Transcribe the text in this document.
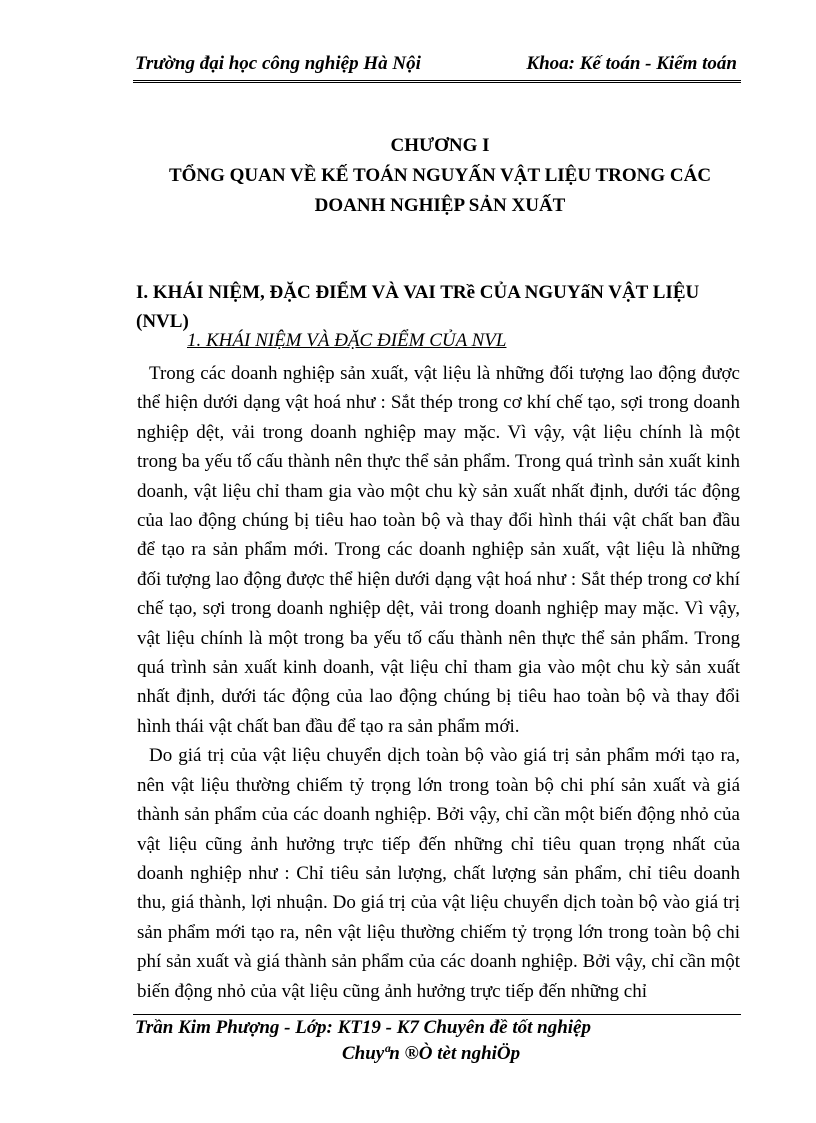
Trường đại học công nghiệp Hà Nội	Khoa: Kế toán - Kiểm toán
CHƯƠNG I
TỔNG QUAN VỀ KẾ TOÁN NGUYẤN VẬT LIỆU TRONG CÁC
DOANH NGHIỆP SẢN XUẤT
I. KHÁI NIỆM, ĐẶC ĐIỂM VÀ VAI TRề CỦA NGUYấN VẬT LIỆU (NVL)
1. KHÁI NIỆM VÀ ĐẶC ĐIỂM CỦA NVL

Trong các doanh nghiệp sản xuất, vật liệu là những đối tượng lao động được thể hiện dưới dạng vật hoá như : Sắt thép trong cơ khí chế tạo, sợi trong doanh nghiệp dệt, vải trong doanh nghiệp may mặc. Vì vậy, vật liệu chính là một trong ba yếu tố cấu thành nên thực thể sản phẩm. Trong quá trình sản xuất kinh doanh, vật liệu chỉ tham gia vào một chu kỳ sản xuất nhất định, dưới tác động của lao động chúng bị tiêu hao toàn bộ và thay đổi hình thái vật chất ban đầu để tạo ra sản phẩm mới. Trong các doanh nghiệp sản xuất, vật liệu là những đối tượng lao động được thể hiện dưới dạng vật hoá như : Sắt thép trong cơ khí chế tạo, sợi trong doanh nghiệp dệt, vải trong doanh nghiệp may mặc. Vì vậy, vật liệu chính là một trong ba yếu tố cấu thành nên thực thể sản phẩm. Trong quá trình sản xuất kinh doanh, vật liệu chỉ tham gia vào một chu kỳ sản xuất nhất định, dưới tác động của lao động chúng bị tiêu hao toàn bộ và thay đổi hình thái vật chất ban đầu để tạo ra sản phẩm mới.

Do giá trị của vật liệu chuyển dịch toàn bộ vào giá trị sản phẩm mới tạo ra, nên vật liệu thường chiếm tỷ trọng lớn trong toàn bộ chi phí sản xuất và giá thành sản phẩm của các doanh nghiệp. Bởi vậy, chỉ cần một biến động nhỏ của vật liệu cũng ảnh hưởng trực tiếp đến những chỉ tiêu quan trọng nhất của doanh nghiệp như : Chỉ tiêu sản lượng, chất lượng sản phẩm, chỉ tiêu doanh thu, giá thành, lợi nhuận. Do giá trị của vật liệu chuyển dịch toàn bộ vào giá trị sản phẩm mới tạo ra, nên vật liệu thường chiếm tỷ trọng lớn trong toàn bộ chi phí sản xuất và giá thành sản phẩm của các doanh nghiệp. Bởi vậy, chỉ cần một biến động nhỏ của vật liệu cũng ảnh hưởng trực tiếp đến những chỉ

Trần Kim Phượng - Lớp: KT19 - K7 Chuyên đề tốt nghiệp
Chuyªn ®Ò tèt nghiÖp
